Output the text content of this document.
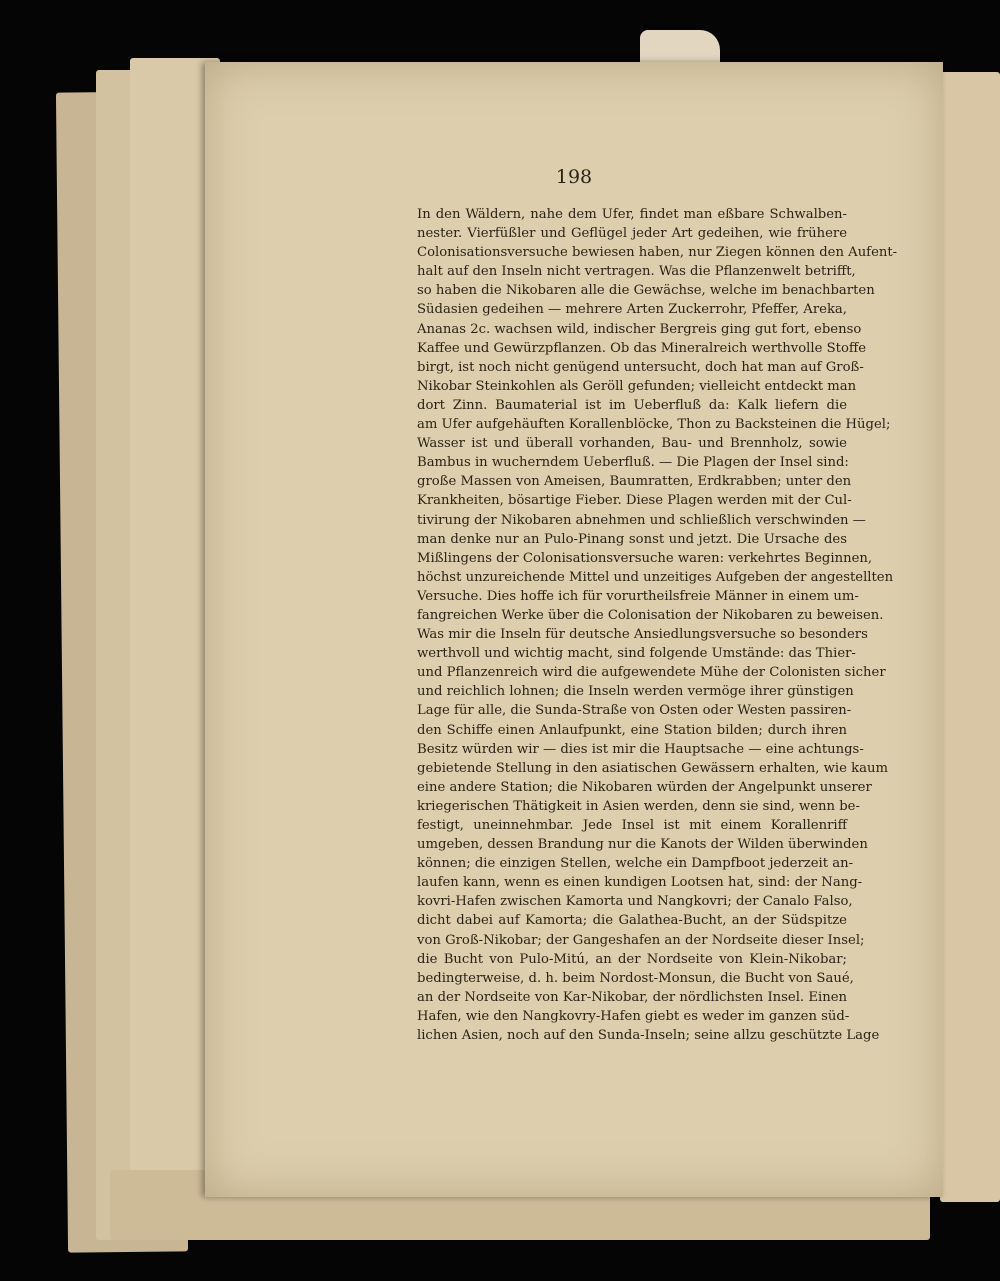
198
In den Wäldern, nahe dem Ufer, findet man eßbare Schwalben-
nester. Vierfüßler und Geflügel jeder Art gedeihen, wie frühere
Colonisationsversuche bewiesen haben, nur Ziegen können den Aufent-
halt auf den Inseln nicht vertragen. Was die Pflanzenwelt betrifft,
so haben die Nikobaren alle die Gewächse, welche im benachbarten
Südasien gedeihen — mehrere Arten Zuckerrohr, Pfeffer, Areka,
Ananas 2c. wachsen wild, indischer Bergreis ging gut fort, ebenso
Kaffee und Gewürzpflanzen. Ob das Mineralreich werthvolle Stoffe
birgt, ist noch nicht genügend untersucht, doch hat man auf Groß-
Nikobar Steinkohlen als Geröll gefunden; vielleicht entdeckt man
dort Zinn. Baumaterial ist im Ueberfluß da: Kalk liefern die
am Ufer aufgehäuften Korallenblöcke, Thon zu Backsteinen die Hügel;
Wasser ist und überall vorhanden, Bau- und Brennholz, sowie
Bambus in wucherndem Ueberfluß. — Die Plagen der Insel sind:
große Massen von Ameisen, Baumratten, Erdkrabben; unter den
Krankheiten, bösartige Fieber. Diese Plagen werden mit der Cul-
tivirung der Nikobaren abnehmen und schließlich verschwinden —
man denke nur an Pulo-Pinang sonst und jetzt. Die Ursache des
Mißlingens der Colonisationsversuche waren: verkehrtes Beginnen,
höchst unzureichende Mittel und unzeitiges Aufgeben der angestellten
Versuche. Dies hoffe ich für vorurtheilsfreie Männer in einem um-
fangreichen Werke über die Colonisation der Nikobaren zu beweisen.
Was mir die Inseln für deutsche Ansiedlungsversuche so besonders
werthvoll und wichtig macht, sind folgende Umstände: das Thier-
und Pflanzenreich wird die aufgewendete Mühe der Colonisten sicher
und reichlich lohnen; die Inseln werden vermöge ihrer günstigen
Lage für alle, die Sunda-Straße von Osten oder Westen passiren-
den Schiffe einen Anlaufpunkt, eine Station bilden; durch ihren
Besitz würden wir — dies ist mir die Hauptsache — eine achtungs-
gebietende Stellung in den asiatischen Gewässern erhalten, wie kaum
eine andere Station; die Nikobaren würden der Angelpunkt unserer
kriegerischen Thätigkeit in Asien werden, denn sie sind, wenn be-
festigt, uneinnehmbar. Jede Insel ist mit einem Korallenriff
umgeben, dessen Brandung nur die Kanots der Wilden überwinden
können; die einzigen Stellen, welche ein Dampfboot jederzeit an-
laufen kann, wenn es einen kundigen Lootsen hat, sind: der Nang-
kovri-Hafen zwischen Kamorta und Nangkovri; der Canalo Falso,
dicht dabei auf Kamorta; die Galathea-Bucht, an der Südspitze
von Groß-Nikobar; der Gangeshafen an der Nordseite dieser Insel;
die Bucht von Pulo-Mitú, an der Nordseite von Klein-Nikobar;
bedingterweise, d. h. beim Nordost-Monsun, die Bucht von Saué,
an der Nordseite von Kar-Nikobar, der nördlichsten Insel. Einen
Hafen, wie den Nangkovry-Hafen giebt es weder im ganzen süd-
lichen Asien, noch auf den Sunda-Inseln; seine allzu geschützte Lage
